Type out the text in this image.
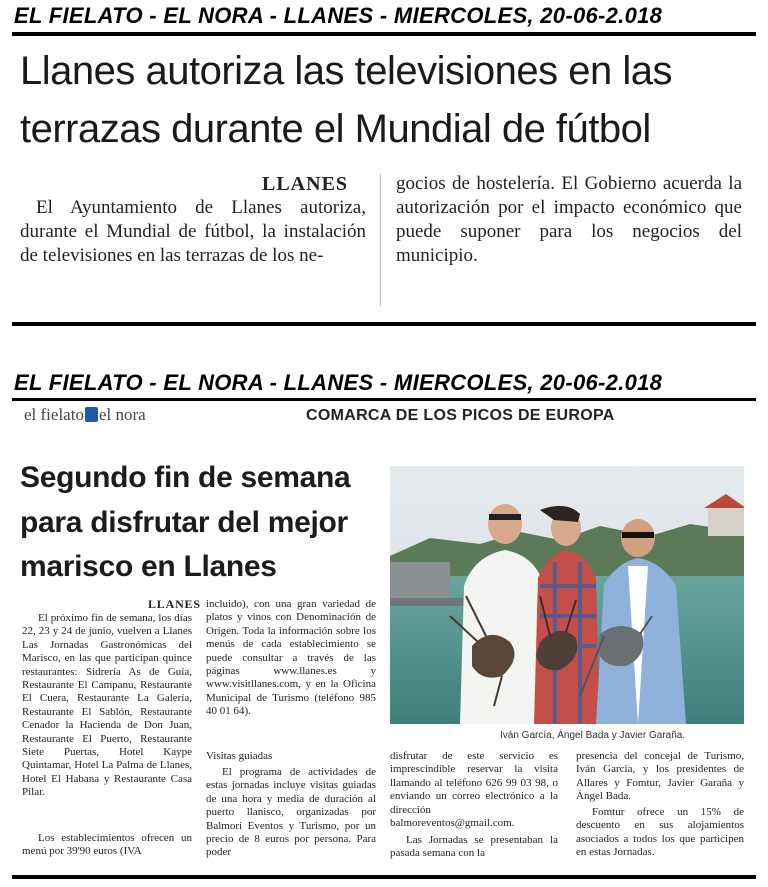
EL FIELATO - EL NORA - LLANES - MIERCOLES, 20-06-2.018
Llanes autoriza las televisiones en las
terrazas durante el Mundial de fútbol
LLANES

El Ayuntamiento de Llanes autoriza, durante el Mundial de fútbol, la instalación de televisiones en las terrazas de los ne-

gocios de hostelería. El Gobierno acuerda la autorización por el impacto económico que puede suponer para los negocios del municipio.

EL FIELATO - EL NORA - LLANES - MIERCOLES, 20-06-2.018
el fielato el nora	COMARCA DE LOS PICOS DE EUROPA
Segundo fin de semana
para disfrutar del mejor
marisco en Llanes
Iván García, Ángel Bada y Javier Garaña.
LLANES

El próximo fin de semana, los días 22, 23 y 24 de junio, vuelven a Llanes Las Jornadas Gastronómicas del Marisco, en las que participan quince restaurantes: Sidrería As de Guía, Restaurante El Campanu, Restaurante El Cuera, Restaurante La Galería, Restaurante El Sablón, Restaurante Cenador la Hacienda de Don Juan, Restaurante El Puerto, Restaurante Siete Puertas, Hotel Kaype Quintamar, Hotel La Palma de Llanes, Hotel El Habana y Restaurante Casa Pilar.

Los establecimientos ofrecen un menú por 39'90 euros (IVA

incluido), con una gran variedad de platos y vinos con Denominación de Origen. Toda la información sobre los menús de cada establecimiento se puede consultar a través de las páginas www.llanes.es y www.visitllanes.com, y en la Oficina Municipal de Turismo (teléfono 985 40 01 64).

Visitas guiadas

El programa de actividades de estas jornadas incluye visitas guiadas de una hora y media de duración al puerto llanisco, organizadas por Balmori Eventos y Turismo, por un precio de 8 euros por persona. Para poder

disfrutar de este servicio es imprescindible reservar la visita llamando al teléfono 626 99 03 98, o enviando un correo electrónico a la dirección balmoreventos@gmail.com.

Las Jornadas se presentaban la pasada semana con la

presencia del concejal de Turismo, Iván García, y los presidentes de Allares y Fomtur, Javier Garaña y Ángel Bada.

Fomtur ofrece un 15% de descuento en sus alojamientos asociados a todos los que participen en estas Jornadas.
